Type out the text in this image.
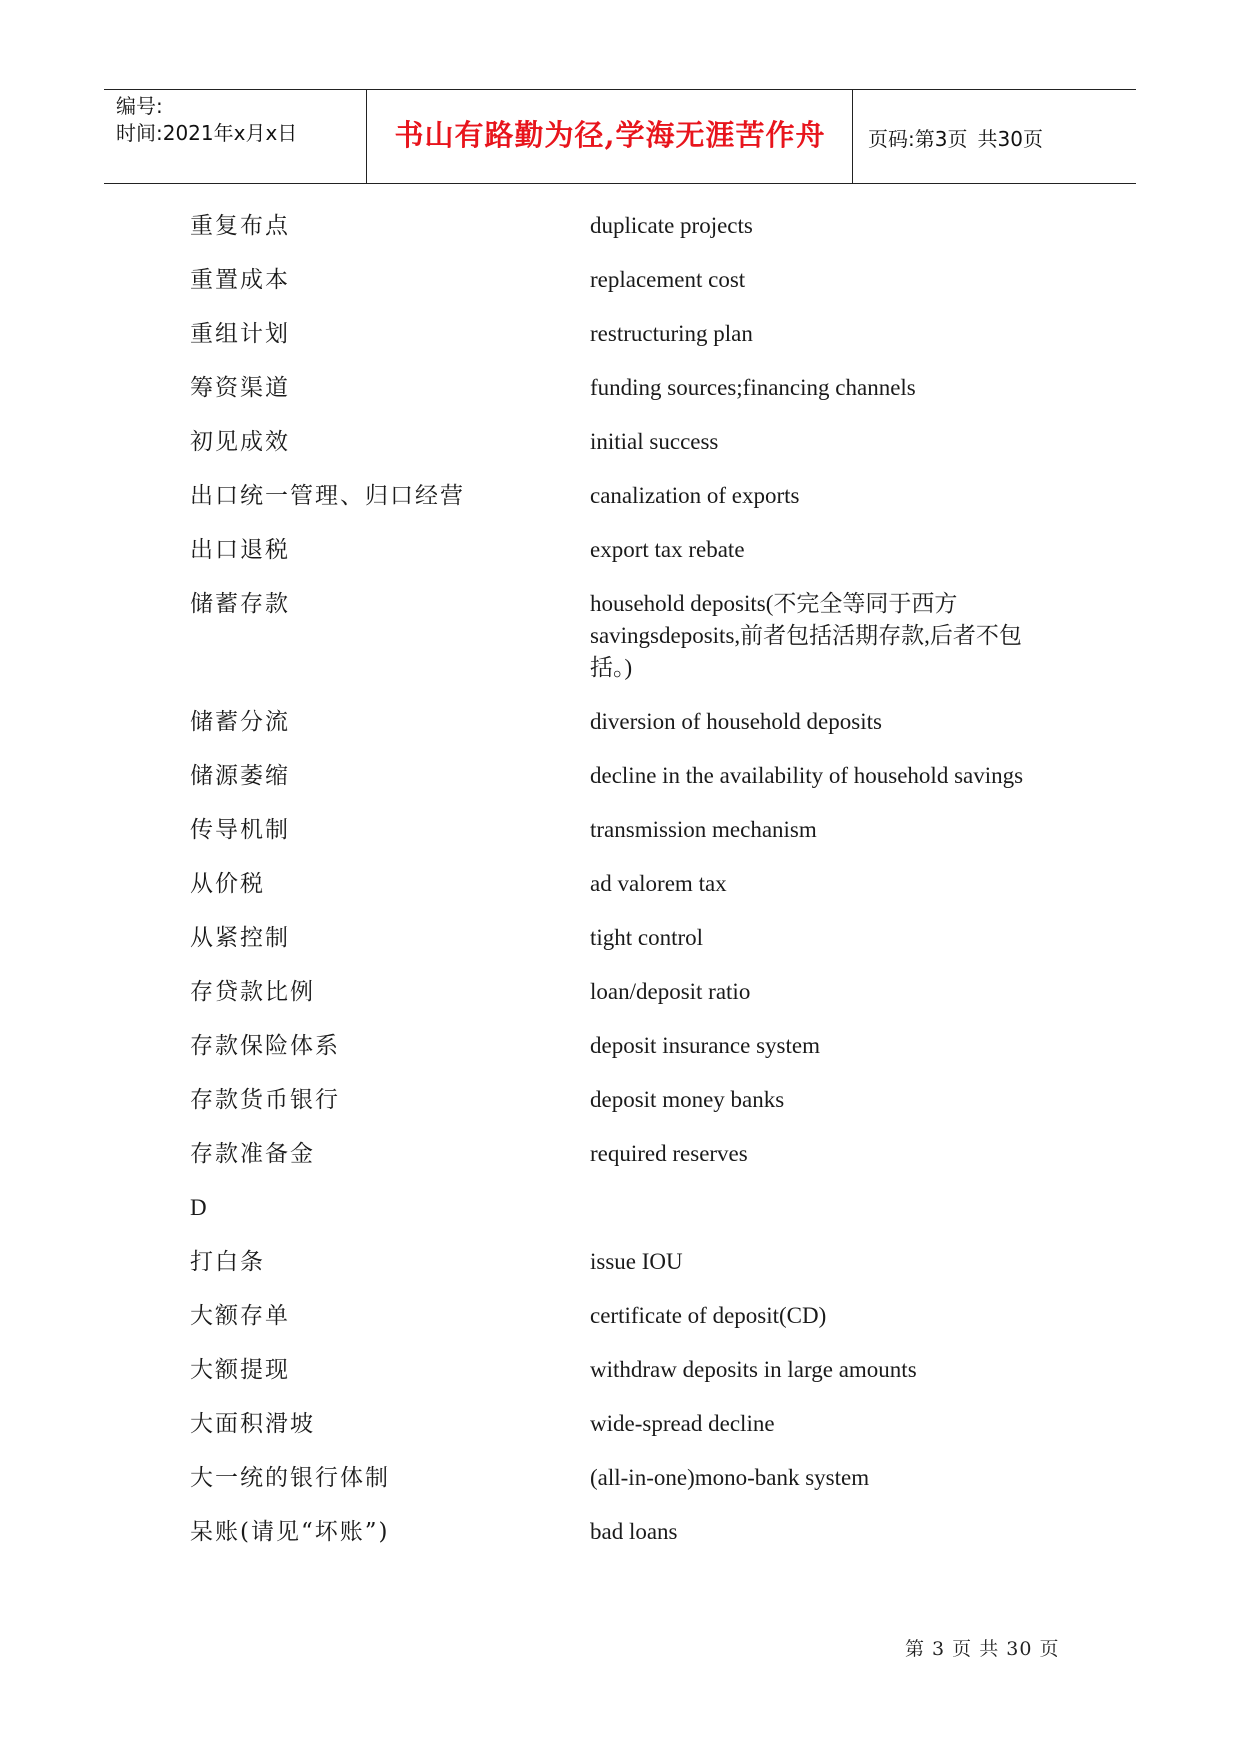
编号:
时间:2021年x月x日	书山有路勤为径,学海无涯苦作舟	页码:第3页 共30页
重复布点	duplicate projects
重置成本	replacement cost
重组计划	restructuring plan
筹资渠道	funding sources;financing channels
初见成效	initial success
出口统一管理、归口经营	canalization of exports
出口退税	export tax rebate
储蓄存款	household deposits(不完全等同于西方savingsdeposits,前者包括活期存款,后者不包括。)
储蓄分流	diversion of household deposits
储源萎缩	decline in the availability of household savings
传导机制	transmission mechanism
从价税	ad valorem tax
从紧控制	tight control
存贷款比例	loan/deposit ratio
存款保险体系	deposit insurance system
存款货币银行	deposit money banks
存款准备金	required reserves
D
打白条	issue IOU
大额存单	certificate of deposit(CD)
大额提现	withdraw deposits in large amounts
大面积滑坡	wide-spread decline
大一统的银行体制	(all-in-one)mono-bank system
呆账(请见“坏账”)	bad loans
第 3 页 共 30 页
